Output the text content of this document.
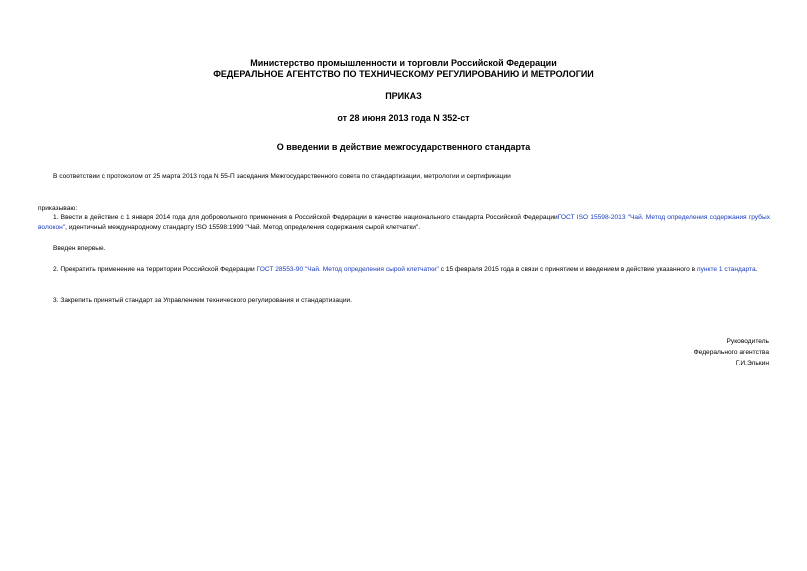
Министерство промышленности и торговли Российской Федерации
ФЕДЕРАЛЬНОЕ АГЕНТСТВО ПО ТЕХНИЧЕСКОМУ РЕГУЛИРОВАНИЮ И МЕТРОЛОГИИ
ПРИКАЗ
от 28 июня 2013 года N 352-ст
О введении в действие межгосударственного стандарта
В соответствии с протоколом от 25 марта 2013 года N 55-П заседания Межгосударственного совета по стандартизации, метрологии и сертификации
приказываю:
1. Ввести в действие с 1 января 2014 года для добровольного применения в Российской Федерации в качестве национального стандарта Российской ФедерацииГОСТ ISO 15598-2013 "Чай. Метод определения содержания грубых волокон", идентичный международному стандарту ISO 15598:1999 "Чай. Метод определения содержания сырой клетчатки".
Введен впервые.
2. Прекратить применение на территории Российской Федерации ГОСТ 28553-90 "Чай. Метод определения сырой клетчатки" с 15 февраля 2015 года в связи с принятием и введением в действие указанного в пункте 1 стандарта.
3. Закрепить принятый стандарт за Управлением технического регулирования и стандартизации.
Руководитель
Федерального агентства
Г.И.Элькин
